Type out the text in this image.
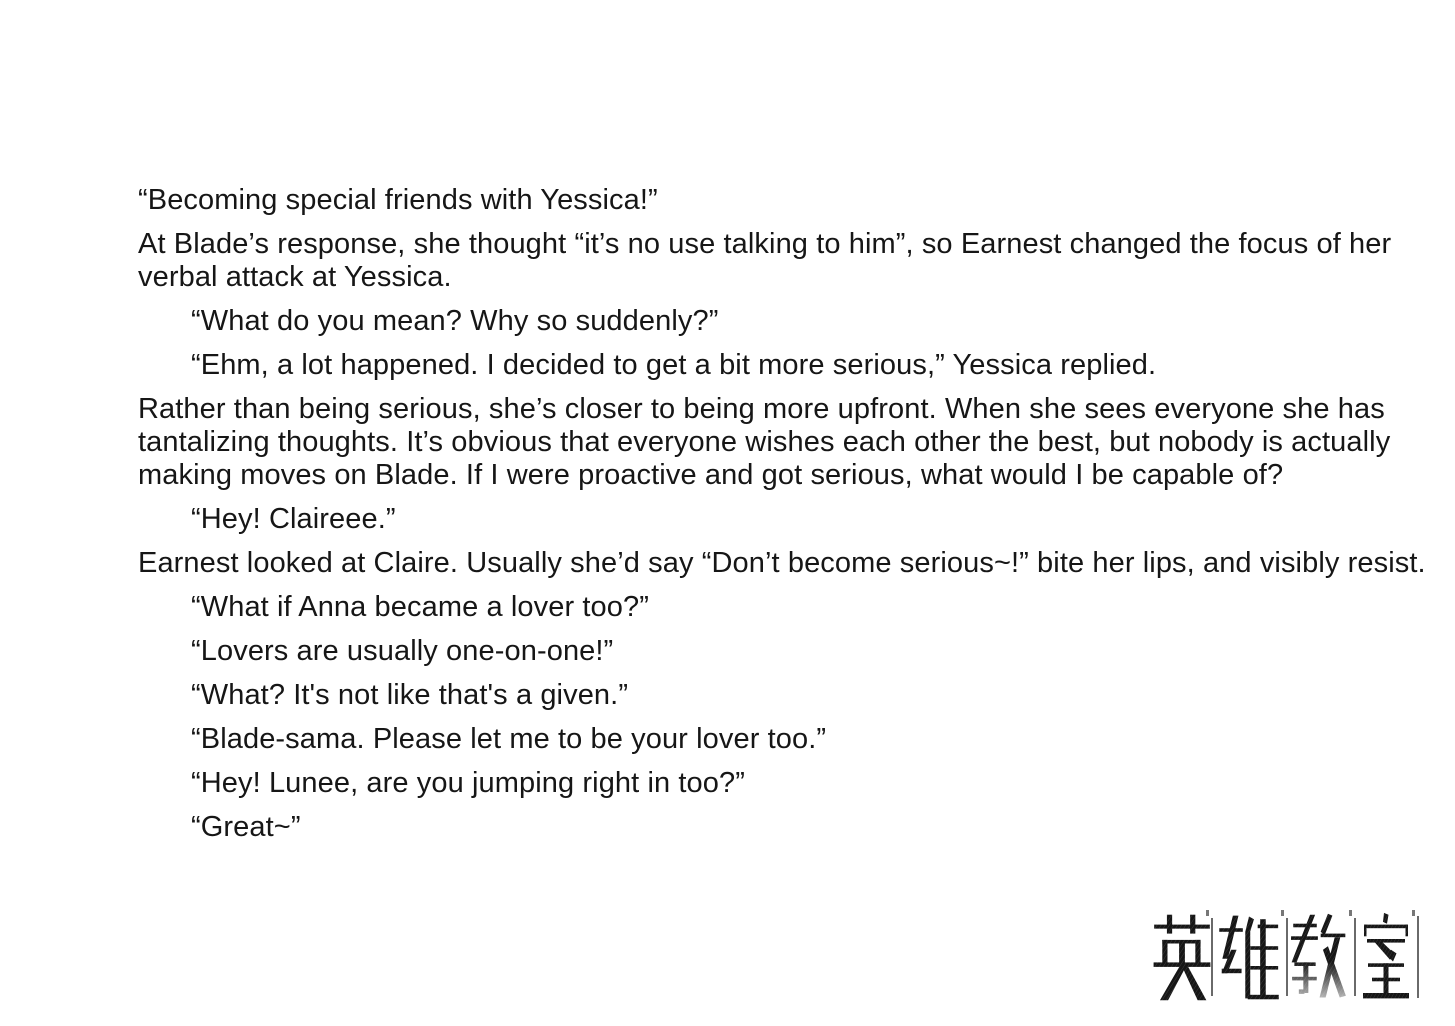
“Becoming special friends with Yessica!”

At Blade’s response, she thought “it’s no use talking to him”, so Earnest changed the focus of her
verbal attack at Yessica.

“What do you mean? Why so suddenly?”

“Ehm, a lot happened. I decided to get a bit more serious,” Yessica replied.

Rather than being serious, she’s closer to being more upfront. When she sees everyone she has
tantalizing thoughts. It’s obvious that everyone wishes each other the best, but nobody is actually
making moves on Blade. If I were proactive and got serious, what would I be capable of?

“Hey! Claireee.”

Earnest looked at Claire. Usually she’d say “Don’t become serious~!” bite her lips, and visibly resist.

“What if Anna became a lover too?”

“Lovers are usually one-on-one!”

“What? It's not like that's a given.”

“Blade-sama. Please let me to be your lover too.”

“Hey! Lunee, are you jumping right in too?”

“Great~”
